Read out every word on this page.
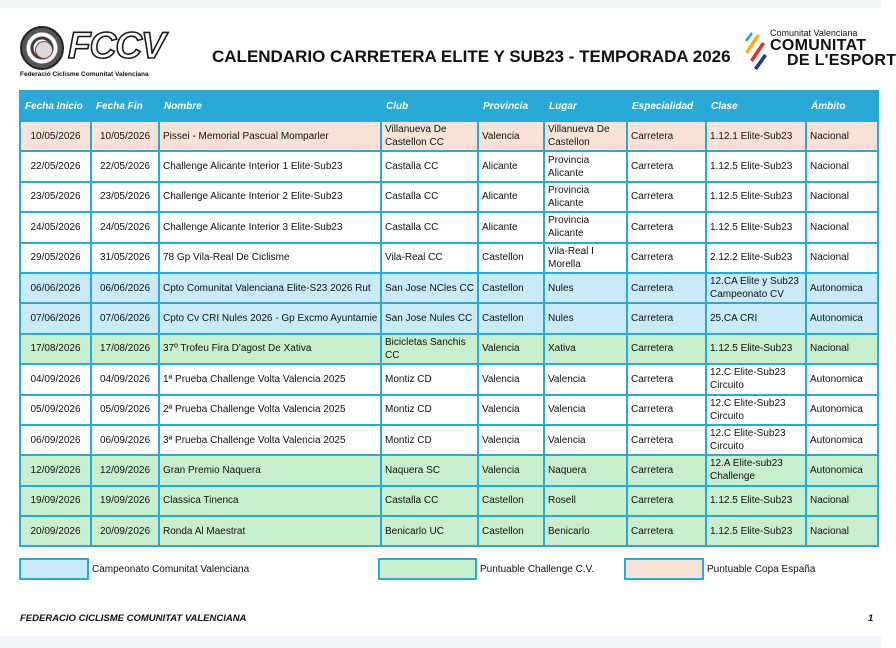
FCCV
Federació Ciclisme Comunitat Valenciana
CALENDARIO CARRETERA ELITE Y SUB23 - TEMPORADA 2026
Comunitat Valenciana
COMUNITAT
DE L'ESPORT
Fecha Inicio	Fecha Fin	Nombre	Club	Provincia	Lugar	Especialidad	Clase	Ámbito
10/05/2026	10/05/2026	Pissei - Memorial Pascual Momparler	Villanueva De Castellon CC	Valencia	Villanueva De Castellon	Carretera	1.12.1 Elite-Sub23	Nacional
22/05/2026	22/05/2026	Challenge Alicante Interior 1 Elite-Sub23	Castalla CC	Alicante	Provincia Alicante	Carretera	1.12.5 Elite-Sub23	Nacional
23/05/2026	23/05/2026	Challenge Alicante Interior 2 Elite-Sub23	Castalla CC	Alicante	Provincia Alicante	Carretera	1.12.5 Elite-Sub23	Nacional
24/05/2026	24/05/2026	Challenge Alicante Interior 3 Elite-Sub23	Castalla CC	Alicante	Provincia Alicante	Carretera	1.12.5 Elite-Sub23	Nacional
29/05/2026	31/05/2026	78 Gp Vila-Real De Ciclisme	Vila-Real CC	Castellon	Vila-Real I Morella	Carretera	2.12.2 Elite-Sub23	Nacional
06/06/2026	06/06/2026	Cpto Comunitat Valenciana Elite-S23 2026 Rut	San Jose NCles CC	Castellon	Nules	Carretera	12.CA Elite y Sub23 Campeonato CV	Autonomica
07/06/2026	07/06/2026	Cpto Cv CRI Nules 2026 - Gp Excmo Ayuntamie	San Jose Nules CC	Castellon	Nules	Carretera	25.CA CRI	Autonomica
17/08/2026	17/08/2026	37º Trofeu Fira D'agost De Xativa	Bicicletas Sanchis CC	Valencia	Xativa	Carretera	1.12.5 Elite-Sub23	Nacional
04/09/2026	04/09/2026	1ª Prueba Challenge Volta Valencia 2025	Montiz CD	Valencia	Valencia	Carretera	12.C Elite-Sub23 Circuito	Autonomica
05/09/2026	05/09/2026	2ª Prueba Challenge Volta Valencia 2025	Montiz CD	Valencia	Valencia	Carretera	12.C Elite-Sub23 Circuito	Autonomica
06/09/2026	06/09/2026	3ª Prueba Challenge Volta Valencia 2025	Montiz CD	Valencia	Valencia	Carretera	12.C Elite-Sub23 Circuito	Autonomica
12/09/2026	12/09/2026	Gran Premio Naquera	Naquera SC	Valencia	Naquera	Carretera	12.A Elite-sub23 Challenge	Autonomica
19/09/2026	19/09/2026	Classica Tinenca	Castalla CC	Castellon	Rosell	Carretera	1.12.5 Elite-Sub23	Nacional
20/09/2026	20/09/2026	Ronda Al Maestrat	Benicarlo UC	Castellon	Benicarlo	Carretera	1.12.5 Elite-Sub23	Nacional
Campeonato Comunitat Valenciana	Puntuable Challenge C.V.	Puntuable Copa España
FEDERACIO CICLISME COMUNITAT VALENCIANA	1
